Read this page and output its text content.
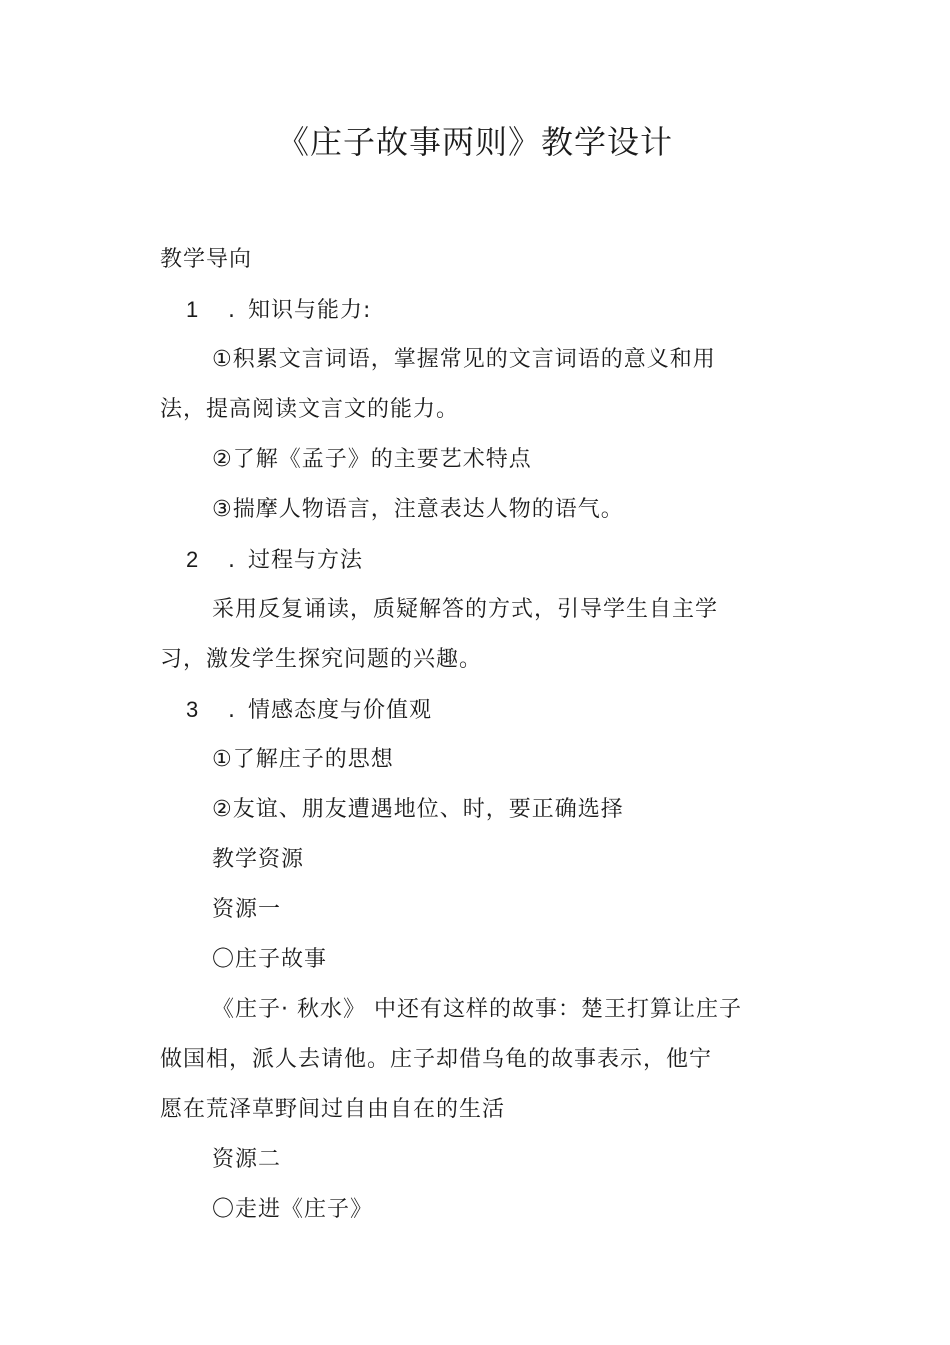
《庄子故事两则》教学设计
教学导向
1 . 知识与能力:
①积累文言词语，掌握常见的文言词语的意义和用
法，提高阅读文言文的能力。
②了解《孟子》的主要艺术特点
③揣摩人物语言，注意表达人物的语气。
2 . 过程与方法
采用反复诵读，质疑解答的方式，引导学生自主学
习，激发学生探究问题的兴趣。
3 . 情感态度与价值观
①了解庄子的思想
②友谊、朋友遭遇地位、时，要正确选择
教学资源
资源一
〇庄子故事
《庄子· 秋水》 中还有这样的故事：楚王打算让庄子
做国相，派人去请他。庄子却借乌龟的故事表示，他宁
愿在荒泽草野间过自由自在的生活
资源二
〇走进《庄子》
